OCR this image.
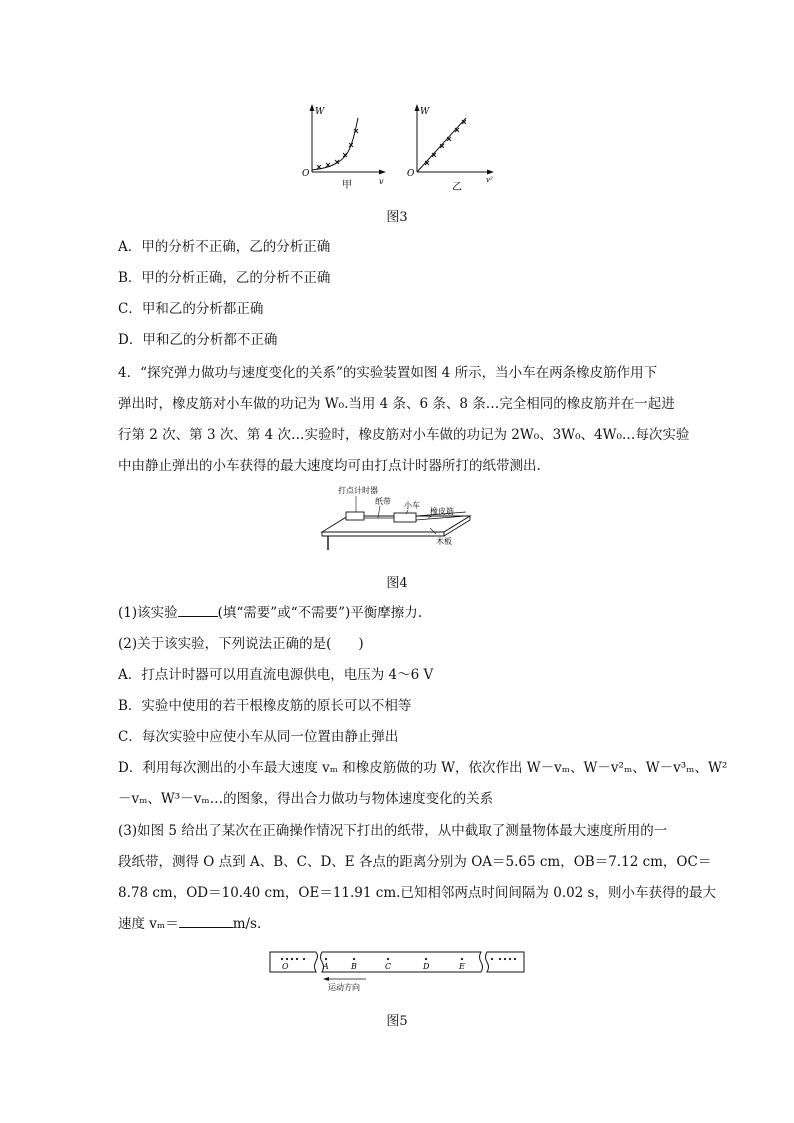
W
O
v
甲
W
O
v²
乙
图3
A．甲的分析不正确，乙的分析正确
B．甲的分析正确，乙的分析不正确
C．甲和乙的分析都正确
D．甲和乙的分析都不正确
4．“探究弹力做功与速度变化的关系”的实验装置如图 4 所示，当小车在两条橡皮筋作用下
弹出时，橡皮筋对小车做的功记为 W₀.当用 4 条、6 条、8 条…完全相同的橡皮筋并在一起进
行第 2 次、第 3 次、第 4 次…实验时，橡皮筋对小车做的功记为 2W₀、3W₀、4W₀…每次实验
中由静止弹出的小车获得的最大速度均可由打点计时器所打的纸带测出.
打点计时器
纸带 小车
橡皮筋
木板
图4
(1)该实验	(填“需要”或“不需要”)平衡摩擦力.
(2)关于该实验，下列说法正确的是(　　)
A．打点计时器可以用直流电源供电，电压为 4～6 V
B．实验中使用的若干根橡皮筋的原长可以不相等
C．每次实验中应使小车从同一位置由静止弹出
D．利用每次测出的小车最大速度 vₘ 和橡皮筋做的功 W，依次作出 W－vₘ、W－v²ₘ、W－v³ₘ、W²
－vₘ、W³－vₘ…的图象，得出合力做功与物体速度变化的关系
(3)如图 5 给出了某次在正确操作情况下打出的纸带，从中截取了测量物体最大速度所用的一
段纸带，测得 O 点到 A、B、C、D、E 各点的距离分别为 OA＝5.65 cm，OB＝7.12 cm，OC＝
8.78 cm，OD＝10.40 cm，OE＝11.91 cm.已知相邻两点时间间隔为 0.02 s，则小车获得的最大
速度 vₘ＝	m/s.
O	A	B	C	D	E
运动方向
图5
